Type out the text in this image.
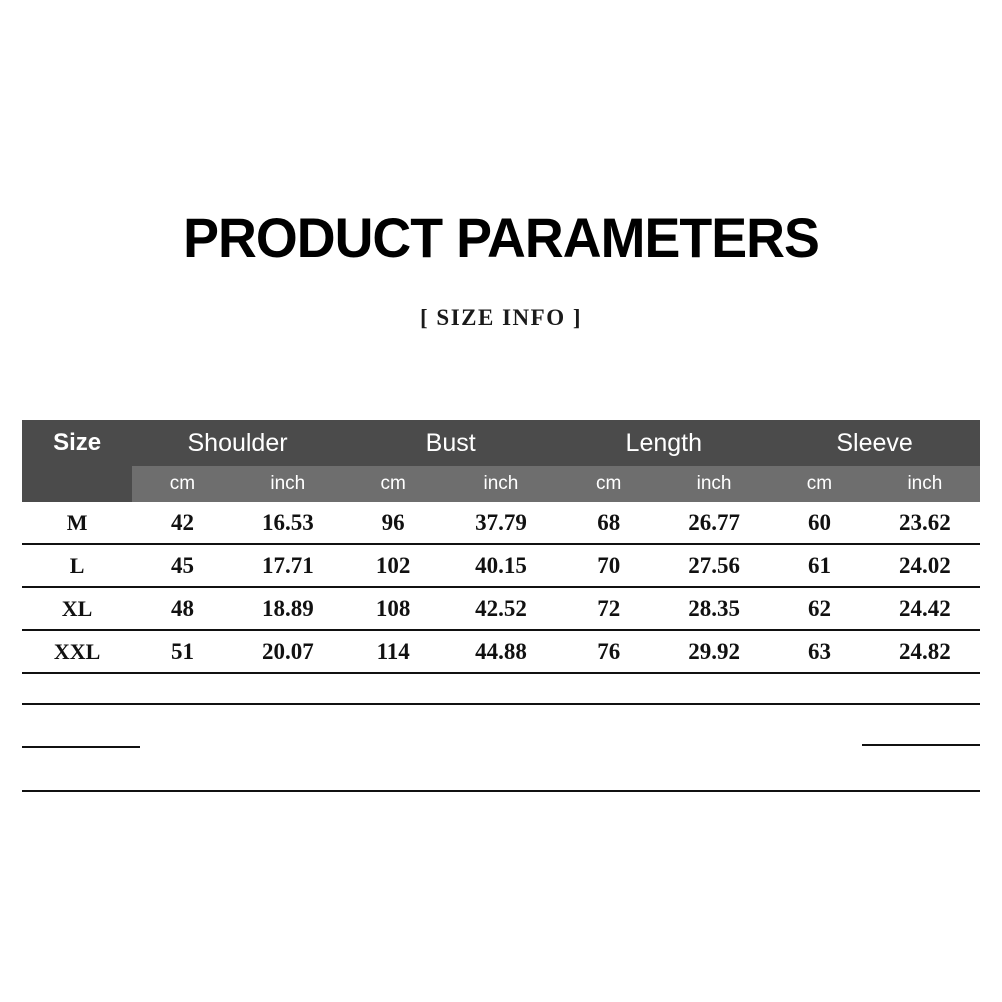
PRODUCT PARAMETERS
[ SIZE INFO ]
Size	Shoulder		Bust		Length		Sleeve	
	cm	inch	cm	inch	cm	inch	cm	inch
M	42	16.53	96	37.79	68	26.77	60	23.62
L	45	17.71	102	40.15	70	27.56	61	24.02
XL	48	18.89	108	42.52	72	28.35	62	24.42
XXL	51	20.07	114	44.88	76	29.92	63	24.82
